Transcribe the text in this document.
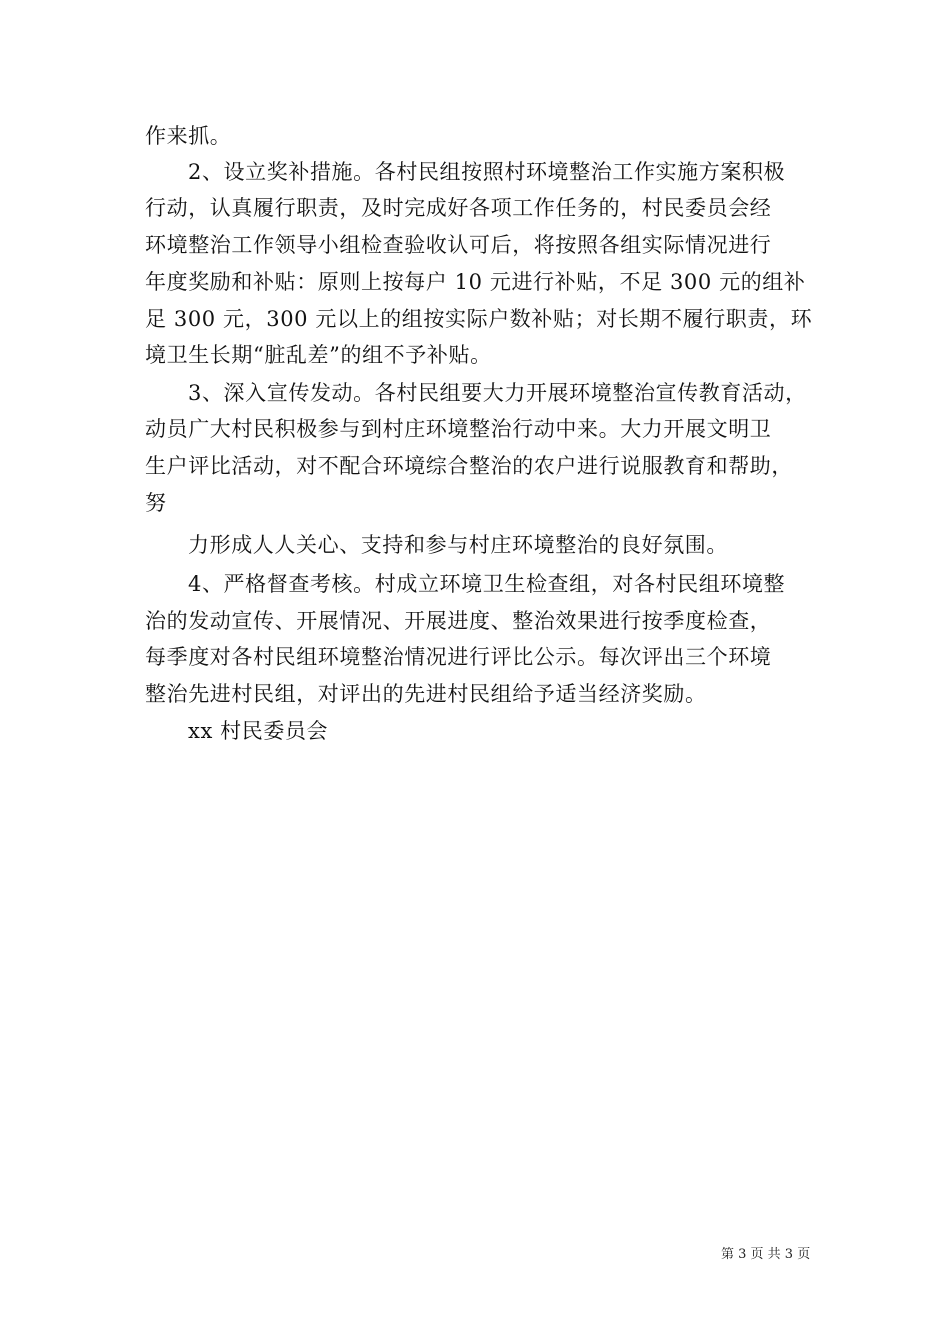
作来抓。
2、设立奖补措施。各村民组按照村环境整治工作实施方案积极
行动，认真履行职责，及时完成好各项工作任务的，村民委员会经
环境整治工作领导小组检查验收认可后，将按照各组实际情况进行
年度奖励和补贴：原则上按每户 10 元进行补贴，不足 300 元的组补
足 300 元，300 元以上的组按实际户数补贴；对长期不履行职责，环
境卫生长期“脏乱差”的组不予补贴。
3、深入宣传发动。各村民组要大力开展环境整治宣传教育活动，
动员广大村民积极参与到村庄环境整治行动中来。大力开展文明卫
生户评比活动，对不配合环境综合整治的农户进行说服教育和帮助，
努
力形成人人关心、支持和参与村庄环境整治的良好氛围。
4、严格督查考核。村成立环境卫生检查组，对各村民组环境整
治的发动宣传、开展情况、开展进度、整治效果进行按季度检查，
每季度对各村民组环境整治情况进行评比公示。每次评出三个环境
整治先进村民组，对评出的先进村民组给予适当经济奖励。
xx 村民委员会
第 3 页 共 3 页
